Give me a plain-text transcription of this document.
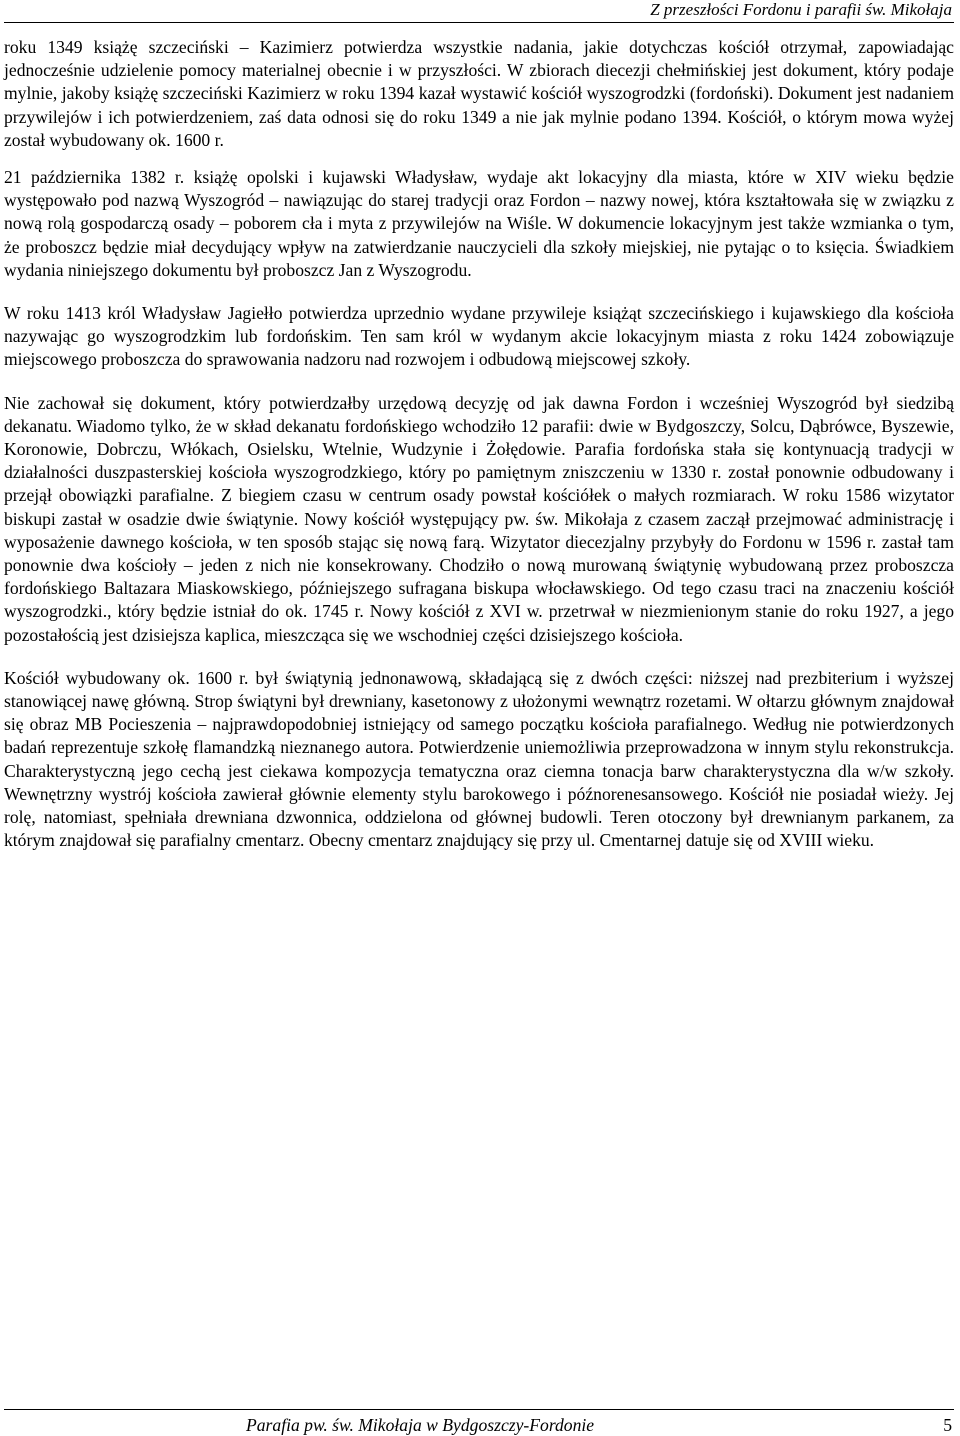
Z przeszłości Fordonu i parafii św. Mikołaja

roku 1349 książę szczeciński – Kazimierz potwierdza wszystkie nadania, jakie dotychczas kościół otrzymał, zapowiadając jednocześnie udzielenie pomocy materialnej obecnie i w przyszłości. W zbiorach diecezji chełmińskiej jest dokument, który podaje mylnie, jakoby książę szczeciński Kazimierz w roku 1394 kazał wystawić kościół wyszogrodzki (fordoński). Dokument jest nadaniem przywilejów i ich potwierdzeniem, zaś data odnosi się do roku 1349 a nie jak mylnie podano 1394. Kościół, o którym mowa wyżej został wybudowany ok. 1600 r.

21 października 1382 r. książę opolski i kujawski Władysław, wydaje akt lokacyjny dla miasta, które w XIV wieku będzie występowało pod nazwą Wyszogród – nawiązując do starej tradycji oraz Fordon – nazwy nowej, która kształtowała się w związku z nową rolą gospodarczą osady – poborem cła i myta z przywilejów na Wiśle. W dokumencie lokacyjnym jest także wzmianka o tym, że proboszcz będzie miał decydujący wpływ na zatwierdzanie nauczycieli dla szkoły miejskiej, nie pytając o to księcia. Świadkiem wydania niniejszego dokumentu był proboszcz Jan z Wyszogrodu.

W roku 1413 król Władysław Jagiełło potwierdza uprzednio wydane przywileje książąt szczecińskiego i kujawskiego dla kościoła nazywając go wyszogrodzkim lub fordońskim. Ten sam król w wydanym akcie lokacyjnym miasta z roku 1424 zobowiązuje miejscowego proboszcza do sprawowania nadzoru nad rozwojem i odbudową miejscowej szkoły.

Nie zachował się dokument, który potwierdzałby urzędową decyzję od jak dawna Fordon i wcześniej Wyszogród był siedzibą dekanatu. Wiadomo tylko, że w skład dekanatu fordońskiego wchodziło 12 parafii: dwie w Bydgoszczy, Solcu, Dąbrówce, Byszewie, Koronowie, Dobrczu, Włókach, Osielsku, Wtelnie, Wudzynie i Żołędowie. Parafia fordońska stała się kontynuacją tradycji w działalności duszpasterskiej kościoła wyszogrodzkiego, który po pamiętnym zniszczeniu w 1330 r. został ponownie odbudowany i przejął obowiązki parafialne. Z biegiem czasu w centrum osady powstał kościółek o małych rozmiarach. W roku 1586 wizytator biskupi zastał w osadzie dwie świątynie. Nowy kościół występujący pw. św. Mikołaja z czasem zaczął przejmować administrację i wyposażenie dawnego kościoła, w ten sposób stając się nową farą. Wizytator diecezjalny przybyły do Fordonu w 1596 r. zastał tam ponownie dwa kościoły – jeden z nich nie konsekrowany. Chodziło o nową murowaną świątynię wybudowaną przez proboszcza fordońskiego Baltazara Miaskowskiego, późniejszego sufragana biskupa włocławskiego. Od tego czasu traci na znaczeniu kościół wyszogrodzki., który będzie istniał do ok. 1745 r. Nowy kościół z XVI w. przetrwał w niezmienionym stanie do roku 1927, a jego pozostałością jest dzisiejsza kaplica, mieszcząca się we wschodniej części dzisiejszego kościoła.

Kościół wybudowany ok. 1600 r. był świątynią jednonawową, składającą się z dwóch części: niższej nad prezbiterium i wyższej stanowiącej nawę główną. Strop świątyni był drewniany, kasetonowy z ułożonymi wewnątrz rozetami. W ołtarzu głównym znajdował się obraz MB Pocieszenia – najprawdopodobniej istniejący od samego początku kościoła parafialnego. Według nie potwierdzonych badań reprezentuje szkołę flamandzką nieznanego autora. Potwierdzenie uniemożliwia przeprowadzona w innym stylu rekonstrukcja. Charakterystyczną jego cechą jest ciekawa kompozycja tematyczna oraz ciemna tonacja barw charakterystyczna dla w/w szkoły. Wewnętrzny wystrój kościoła zawierał głównie elementy stylu barokowego i późnorenesansowego. Kościół nie posiadał wieży. Jej rolę, natomiast, spełniała drewniana dzwonnica, oddzielona od głównej budowli. Teren otoczony był drewnianym parkanem, za którym znajdował się parafialny cmentarz. Obecny cmentarz znajdujący się przy ul. Cmentarnej datuje się od XVIII wieku.

Parafia pw. św. Mikołaja w Bydgoszczy-Fordonie	5
